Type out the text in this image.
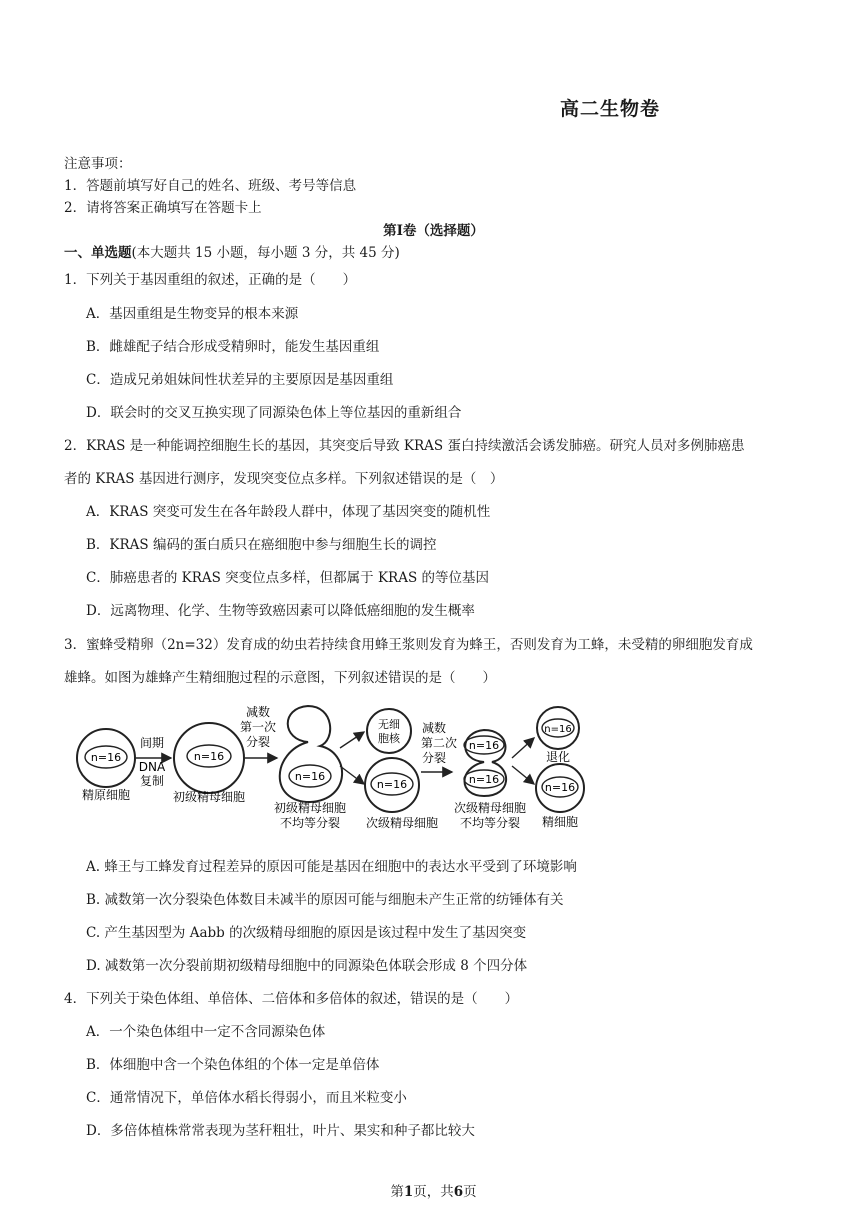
高二生物卷
注意事项：
1．答题前填写好自己的姓名、班级、考号等信息
2．请将答案正确填写在答题卡上
第Ⅰ卷（选择题）
一、单选题(本大题共 15 小题，每小题 3 分，共 45 分)
1．下列关于基因重组的叙述，正确的是（　　）
A．基因重组是生物变异的根本来源
B．雌雄配子结合形成受精卵时，能发生基因重组
C．造成兄弟姐妹间性状差异的主要原因是基因重组
D．联会时的交叉互换实现了同源染色体上等位基因的重新组合
2．KRAS 是一种能调控细胞生长的基因，其突变后导致 KRAS 蛋白持续激活会诱发肺癌。研究人员对多例肺癌患
者的 KRAS 基因进行测序，发现突变位点多样。下列叙述错误的是（　）
A．KRAS 突变可发生在各年龄段人群中，体现了基因突变的随机性
B．KRAS 编码的蛋白质只在癌细胞中参与细胞生长的调控
C．肺癌患者的 KRAS 突变位点多样，但都属于 KRAS 的等位基因
D．远离物理、化学、生物等致癌因素可以降低癌细胞的发生概率
3．蜜蜂受精卵（2n=32）发育成的幼虫若持续食用蜂王浆则发育为蜂王，否则发育为工蜂，未受精的卵细胞发育成
雄蜂。如图为雄蜂产生精细胞过程的示意图，下列叙述错误的是（　　）
n=16
精原细胞
间期
DNA
复制
n=16
初级精母细胞
减数
第一次
分裂
n=16
初级精母细胞
不均等分裂
无细
胞核
n=16
次级精母细胞
减数
第二次
分裂
n=16
n=16
次级精母细胞
不均等分裂
n=16
退化
n=16
精细胞
A. 蜂王与工蜂发育过程差异的原因可能是基因在细胞中的表达水平受到了环境影响
B. 减数第一次分裂染色体数目未减半的原因可能与细胞未产生正常的纺锤体有关
C. 产生基因型为 Aabb 的次级精母细胞的原因是该过程中发生了基因突变
D. 减数第一次分裂前期初级精母细胞中的同源染色体联会形成 8 个四分体
4．下列关于染色体组、单倍体、二倍体和多倍体的叙述，错误的是（　　）
A．一个染色体组中一定不含同源染色体
B．体细胞中含一个染色体组的个体一定是单倍体
C．通常情况下，单倍体水稻长得弱小，而且米粒变小
D．多倍体植株常常表现为茎秆粗壮，叶片、果实和种子都比较大
第1页，共6页
